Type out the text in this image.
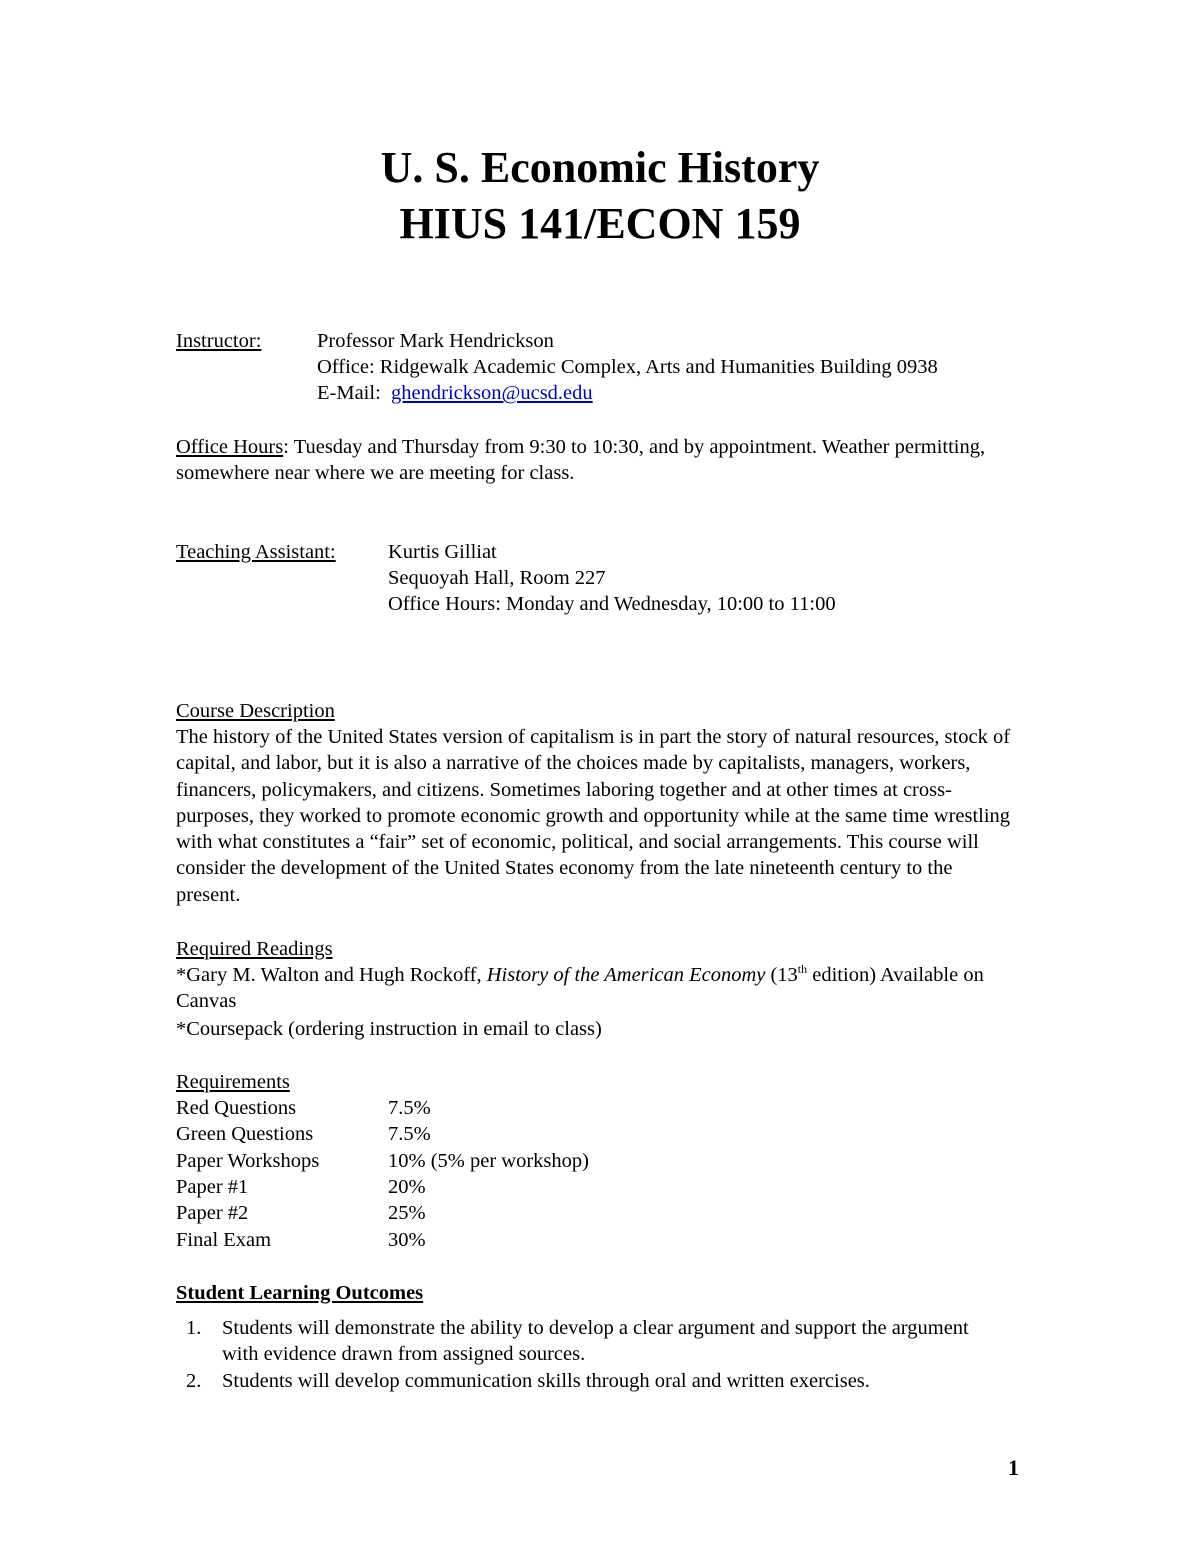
U. S. Economic History

HIUS 141/ECON 159

Instructor:	Professor Mark Hendrickson
Office: Ridgewalk Academic Complex, Arts and Humanities Building 0938
E-Mail: ghendrickson@ucsd.edu
Office Hours: Tuesday and Thursday from 9:30 to 10:30, and by appointment. Weather permitting, somewhere near where we are meeting for class.
Teaching Assistant:	Kurtis Gilliat
Sequoyah Hall, Room 227
Office Hours: Monday and Wednesday, 10:00 to 11:00
Course Description
The history of the United States version of capitalism is in part the story of natural resources, stock of capital, and labor, but it is also a narrative of the choices made by capitalists, managers, workers, financers, policymakers, and citizens. Sometimes laboring together and at other times at cross-purposes, they worked to promote economic growth and opportunity while at the same time wrestling with what constitutes a “fair” set of economic, political, and social arrangements. This course will consider the development of the United States economy from the late nineteenth century to the present.
Required Readings
*Gary M. Walton and Hugh Rockoff, History of the American Economy (13th edition) Available on Canvas
*Coursepack (ordering instruction in email to class)
Requirements
Red Questions	7.5%
Green Questions	7.5%
Paper Workshops	10% (5% per workshop)
Paper #1	20%
Paper #2	25%
Final Exam	30%
Student Learning Outcomes
1. Students will demonstrate the ability to develop a clear argument and support the argument with evidence drawn from assigned sources.
2. Students will develop communication skills through oral and written exercises.
1
